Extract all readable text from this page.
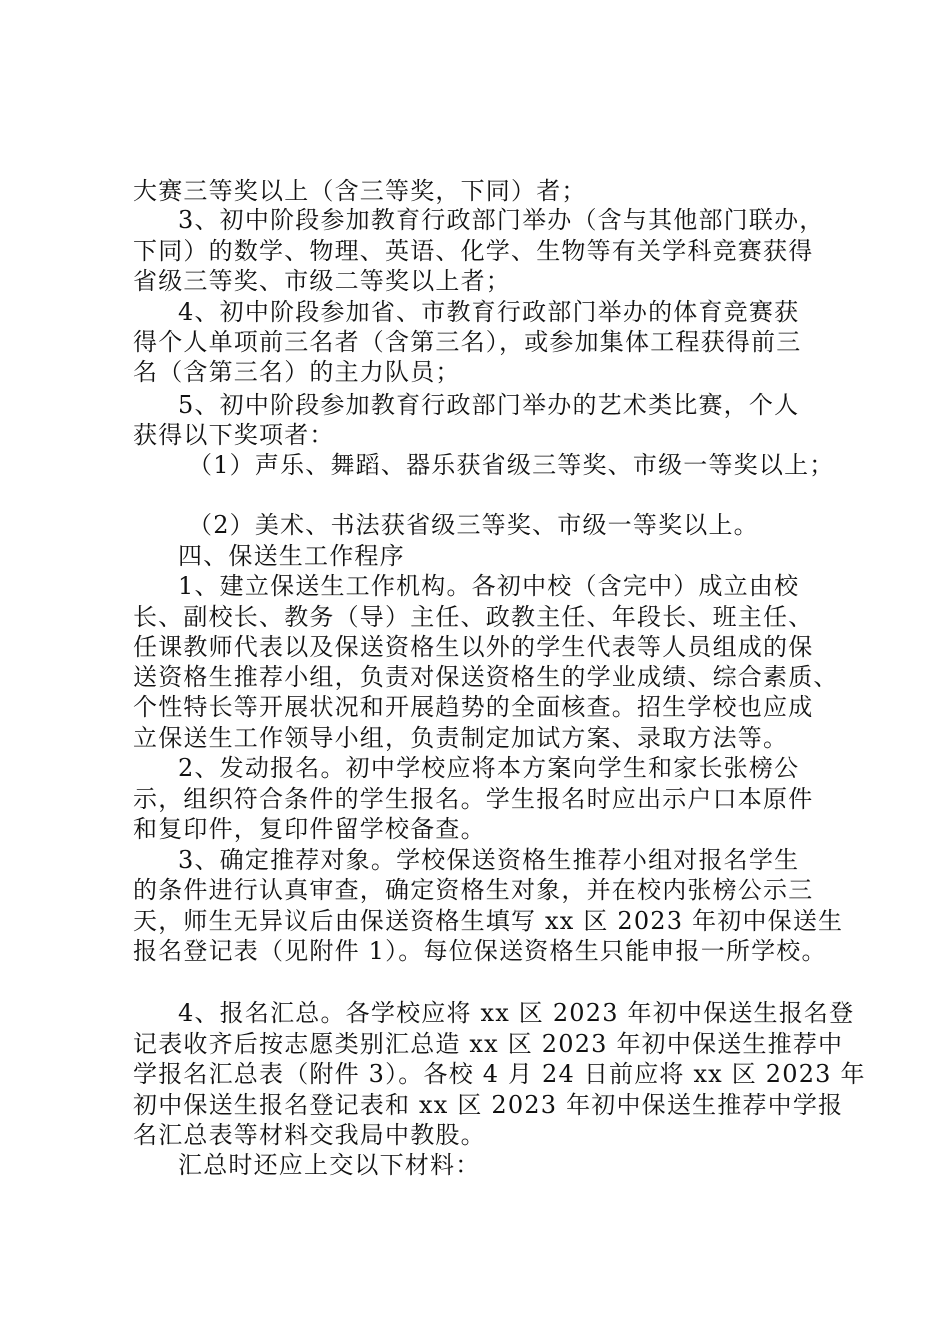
大赛三等奖以上（含三等奖，下同）者；
3、初中阶段参加教育行政部门举办（含与其他部门联办，
下同）的数学、物理、英语、化学、生物等有关学科竞赛获得
省级三等奖、市级二等奖以上者；
4、初中阶段参加省、市教育行政部门举办的体育竞赛获
得个人单项前三名者（含第三名），或参加集体工程获得前三
名（含第三名）的主力队员；
5、初中阶段参加教育行政部门举办的艺术类比赛，个人
获得以下奖项者：
（1）声乐、舞蹈、器乐获省级三等奖、市级一等奖以上；
（2）美术、书法获省级三等奖、市级一等奖以上。
四、保送生工作程序
1、建立保送生工作机构。各初中校（含完中）成立由校
长、副校长、教务（导）主任、政教主任、年段长、班主任、
任课教师代表以及保送资格生以外的学生代表等人员组成的保
送资格生推荐小组，负责对保送资格生的学业成绩、综合素质、
个性特长等开展状况和开展趋势的全面核查。招生学校也应成
立保送生工作领导小组，负责制定加试方案、录取方法等。
2、发动报名。初中学校应将本方案向学生和家长张榜公
示，组织符合条件的学生报名。学生报名时应出示户口本原件
和复印件，复印件留学校备查。
3、确定推荐对象。学校保送资格生推荐小组对报名学生
的条件进行认真审查，确定资格生对象，并在校内张榜公示三
天，师生无异议后由保送资格生填写 xx 区 2023 年初中保送生
报名登记表（见附件 1）。每位保送资格生只能申报一所学校。
4、报名汇总。各学校应将 xx 区 2023 年初中保送生报名登
记表收齐后按志愿类别汇总造 xx 区 2023 年初中保送生推荐中
学报名汇总表（附件 3）。各校 4 月 24 日前应将 xx 区 2023 年
初中保送生报名登记表和 xx 区 2023 年初中保送生推荐中学报
名汇总表等材料交我局中教股。
汇总时还应上交以下材料：
